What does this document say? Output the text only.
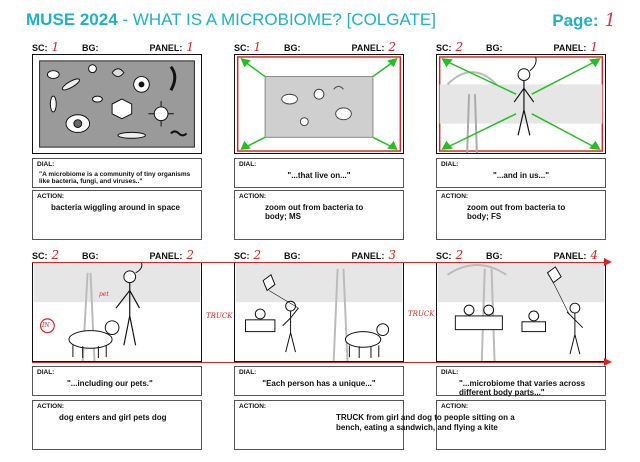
MUSE 2024 - WHAT IS A MICROBIOME? [COLGATE]	Page: 1
SC: 1	BG:	PANEL: 1	SC: 1	BG:	PANEL: 2	SC: 2	BG:	PANEL: 1
DIAL:
"A microbiome is a community of tiny organisms like bacteria, fungi, and viruses.."
DIAL:
"...that live on..."
DIAL:
"...and in us..."
ACTION:
bacteria wiggling around in space
ACTION:
zoom out from bacteria to body; MS
ACTION:
zoom out from bacteria to body; FS
SC: 2	BG:	PANEL: 2	SC: 2	BG:	PANEL: 3	SC: 2	BG:	PANEL: 4
IN
pet
TRUCK	TRUCK
DIAL:
"...including our pets."
DIAL:
"Each person has a unique..."
DIAL:
"...microbiome that varies across different body parts..."
ACTION:
dog enters and girl pets dog
ACTION:	ACTION:
TRUCK from girl and dog to people sitting on a bench, eating a sandwich, and flying a kite
